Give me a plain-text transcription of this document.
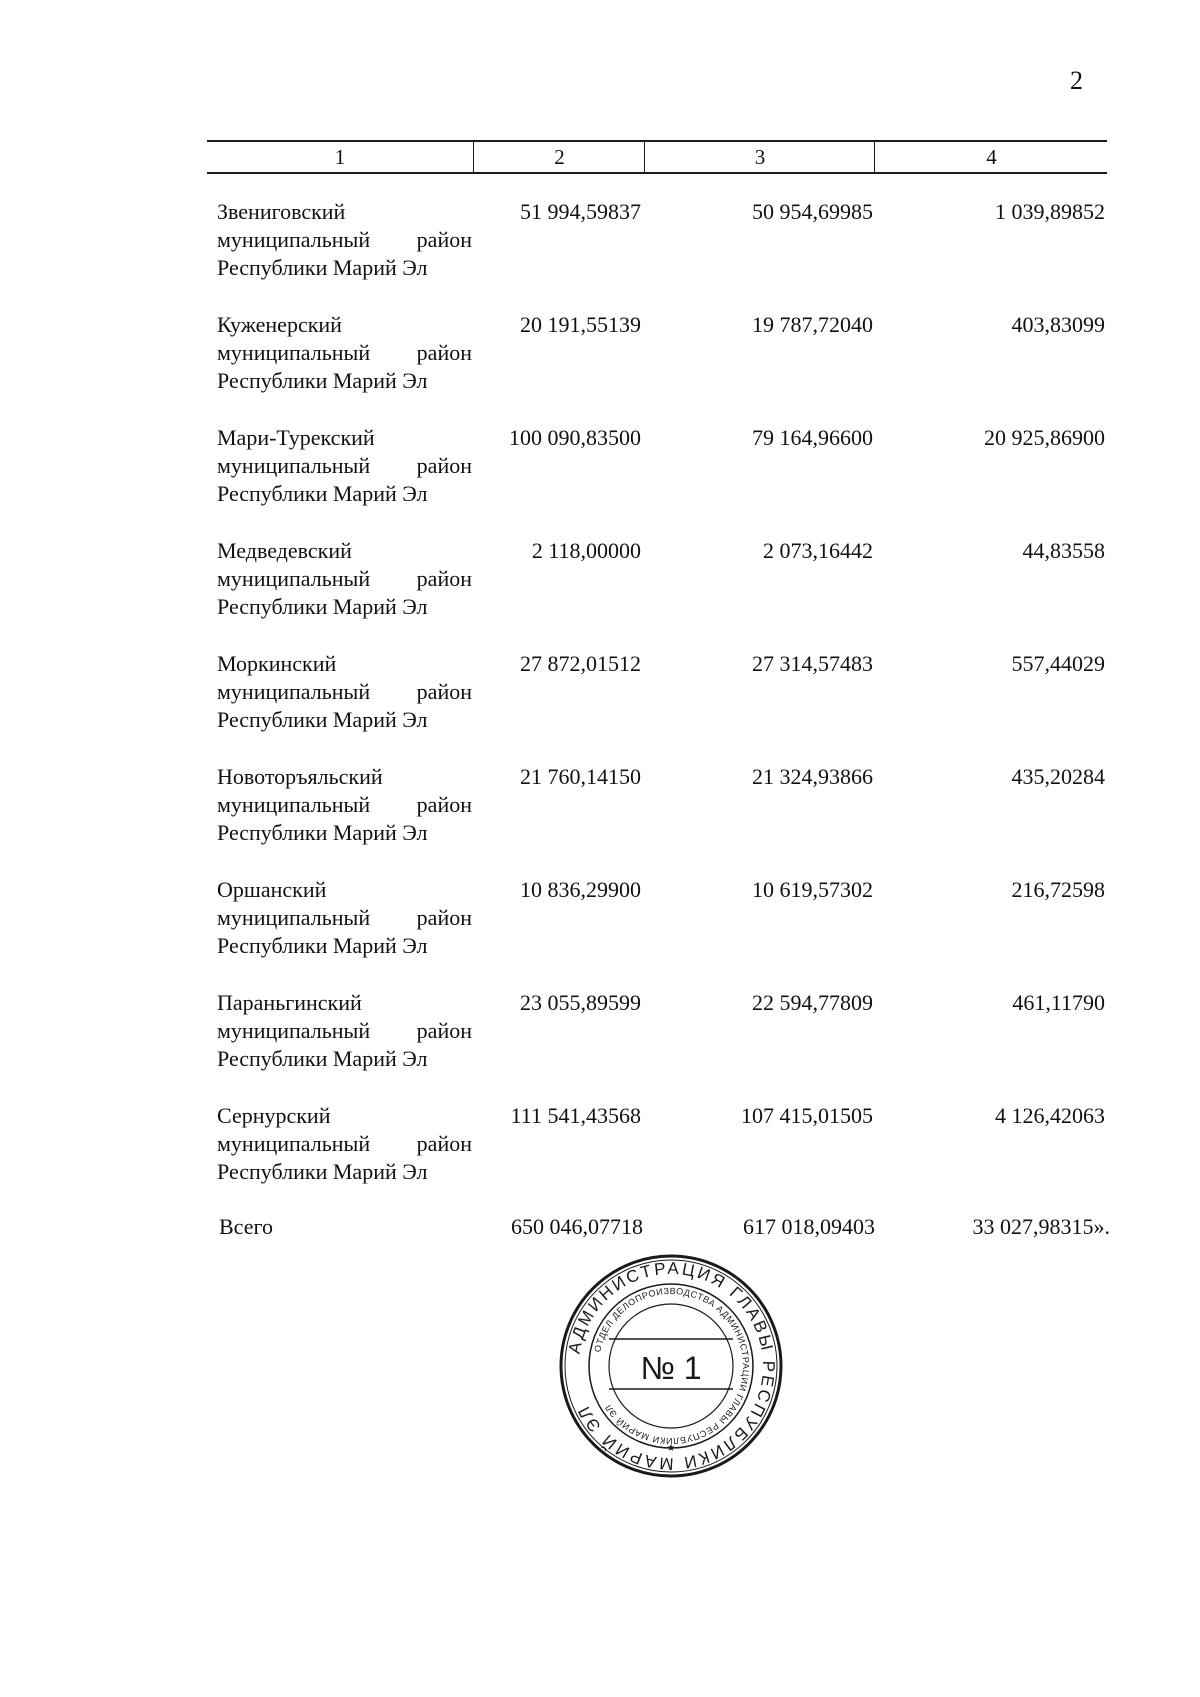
2
1	2	3	4
Звениговский
муниципальный район
Республики Марий Эл
51 994,59837	50 954,69985	1 039,89852
Куженерский
муниципальный район
Республики Марий Эл
20 191,55139	19 787,72040	403,83099
Мари-Турекский
муниципальный район
Республики Марий Эл
100 090,83500	79 164,96600	20 925,86900
Медведевский
муниципальный район
Республики Марий Эл
2 118,00000	2 073,16442	44,83558
Моркинский
муниципальный район
Республики Марий Эл
27 872,01512	27 314,57483	557,44029
Новоторъяльский
муниципальный район
Республики Марий Эл
21 760,14150	21 324,93866	435,20284
Оршанский
муниципальный район
Республики Марий Эл
10 836,29900	10 619,57302	216,72598
Параньгинский
муниципальный район
Республики Марий Эл
23 055,89599	22 594,77809	461,11790
Сернурский
муниципальный район
Республики Марий Эл
111 541,43568	107 415,01505	4 126,42063
Всего	650 046,07718	617 018,09403	33 027,98315».
АДМИНИСТРАЦИЯ ГЛАВЫ РЕСПУБЛИКИ МАРИЙ ЭЛ
ОТДЕЛ ДЕЛОПРОИЗВОДСТВА АДМИНИСТРАЦИИ ГЛАВЫ РЕСПУБЛИКИ МАРИЙ ЭЛ
№ 1
★
